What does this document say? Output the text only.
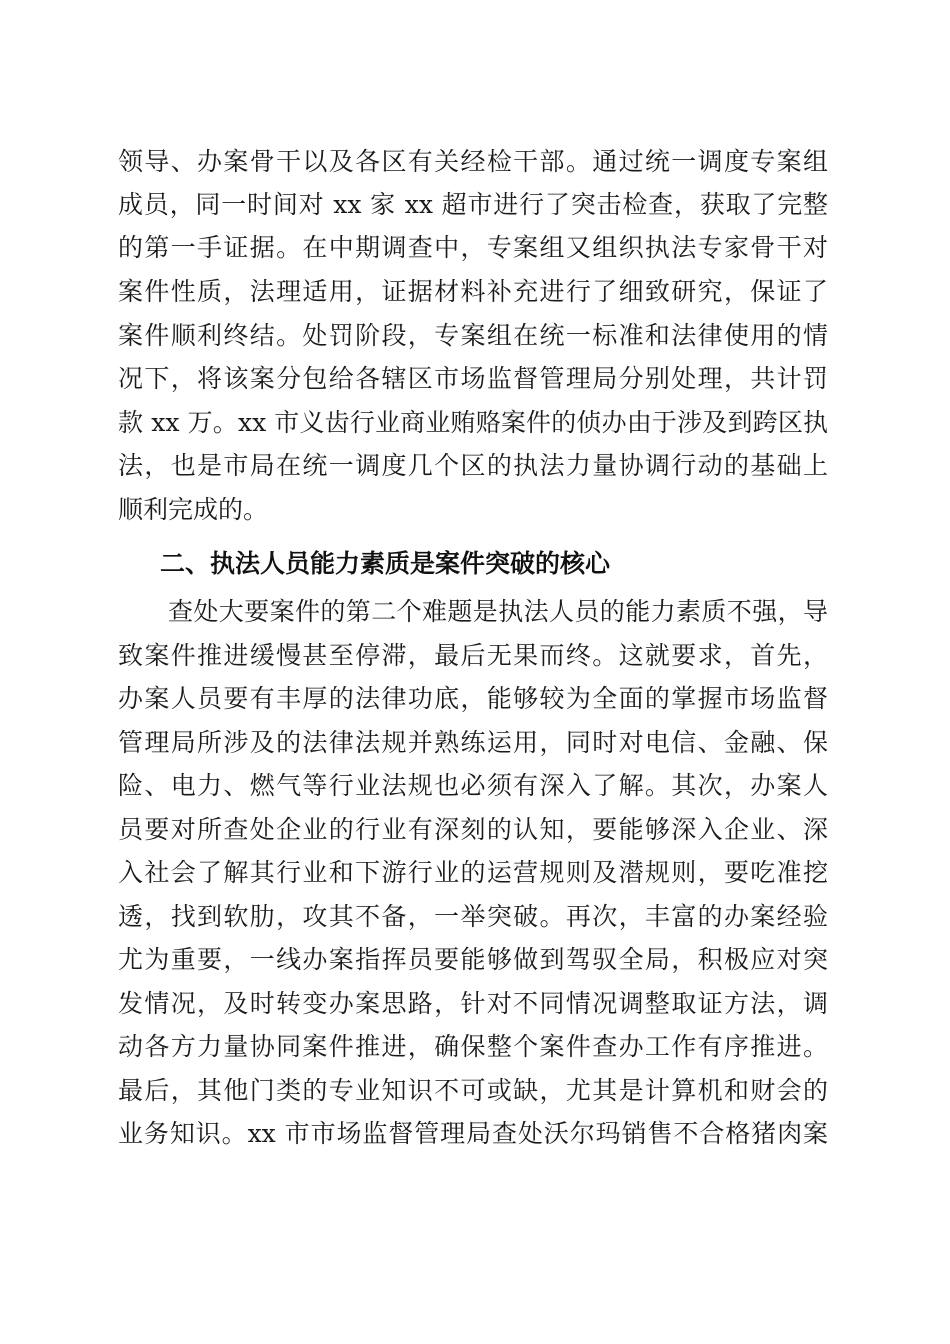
领导、办案骨干以及各区有关经检干部。通过统一调度专案组
成员，同一时间对 xx 家 xx 超市进行了突击检查，获取了完整
的第一手证据。在中期调查中，专案组又组织执法专家骨干对
案件性质，法理适用，证据材料补充进行了细致研究，保证了
案件顺利终结。处罚阶段，专案组在统一标准和法律使用的情
况下，将该案分包给各辖区市场监督管理局分别处理，共计罚
款 xx 万。xx 市义齿行业商业贿赂案件的侦办由于涉及到跨区执
法，也是市局在统一调度几个区的执法力量协调行动的基础上
顺利完成的。
二、执法人员能力素质是案件突破的核心
查处大要案件的第二个难题是执法人员的能力素质不强，导
致案件推进缓慢甚至停滞，最后无果而终。这就要求，首先，
办案人员要有丰厚的法律功底，能够较为全面的掌握市场监督
管理局所涉及的法律法规并熟练运用，同时对电信、金融、保
险、电力、燃气等行业法规也必须有深入了解。其次，办案人
员要对所查处企业的行业有深刻的认知，要能够深入企业、深
入社会了解其行业和下游行业的运营规则及潜规则，要吃准挖
透，找到软肋，攻其不备，一举突破。再次，丰富的办案经验
尤为重要，一线办案指挥员要能够做到驾驭全局，积极应对突
发情况，及时转变办案思路，针对不同情况调整取证方法，调
动各方力量协同案件推进，确保整个案件查办工作有序推进。
最后，其他门类的专业知识不可或缺，尤其是计算机和财会的
业务知识。xx 市市场监督管理局查处沃尔玛销售不合格猪肉案
